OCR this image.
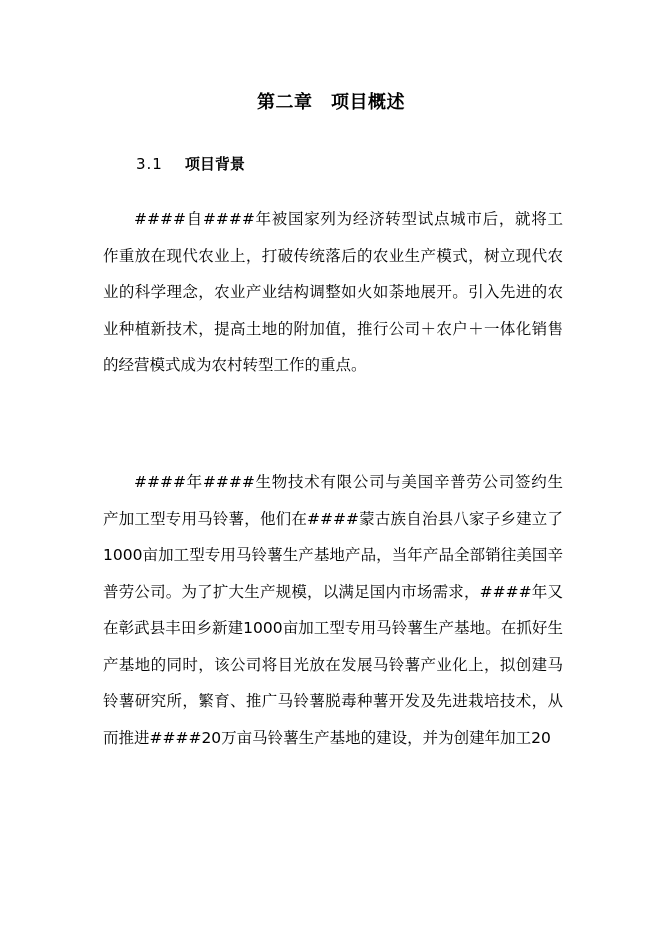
第二章　项目概述
3.1 项目背景

####自####年被国家列为经济转型试点城市后，就将工作重放在现代农业上，打破传统落后的农业生产模式，树立现代农业的科学理念，农业产业结构调整如火如荼地展开。引入先进的农业种植新技术，提高土地的附加值，推行公司＋农户＋一体化销售的经营模式成为农村转型工作的重点。

####年####生物技术有限公司与美国辛普劳公司签约生产加工型专用马铃薯，他们在####蒙古族自治县八家子乡建立了1000亩加工型专用马铃薯生产基地产品，当年产品全部销往美国辛普劳公司。为了扩大生产规模，以满足国内市场需求，####年又在彰武县丰田乡新建1000亩加工型专用马铃薯生产基地。在抓好生产基地的同时，该公司将目光放在发展马铃薯产业化上，拟创建马铃薯研究所，繁育、推广马铃薯脱毒种薯开发及先进栽培技术，从而推进####20万亩马铃薯生产基地的建设，并为创建年加工20
